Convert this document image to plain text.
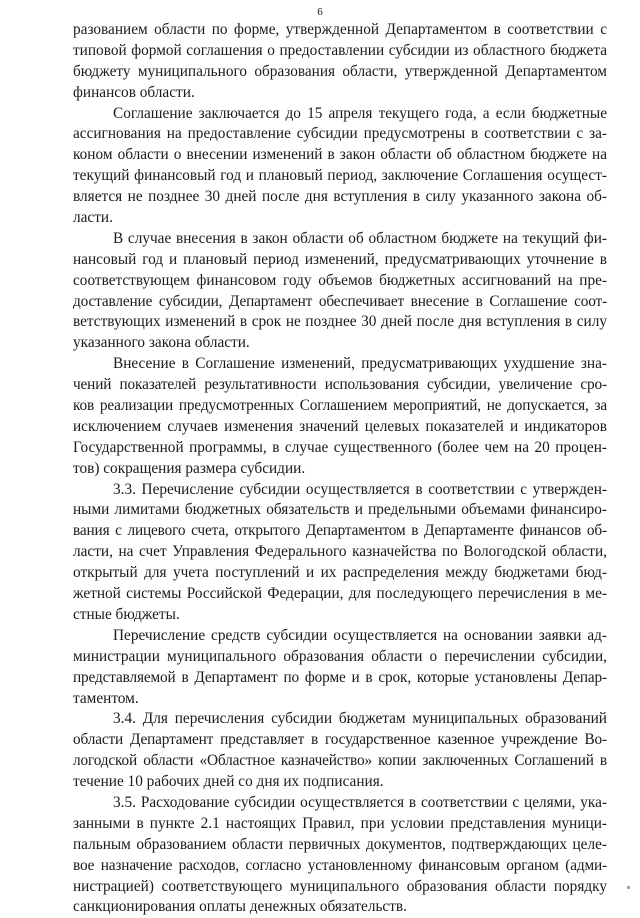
6
разованием области по форме, утвержденной Департаментом в соответствии с
типовой формой соглашения о предоставлении субсидии из областного бюджета
бюджету муниципального образования области, утвержденной Департаментом
финансов области.
Соглашение заключается до 15 апреля текущего года, а если бюджетные
ассигнования на предоставление субсидии предусмотрены в соответствии с за-
коном области о внесении изменений в закон области об областном бюджете на
текущий финансовый год и плановый период, заключение Соглашения осущест-
вляется не позднее 30 дней после дня вступления в силу указанного закона об-
ласти.
В случае внесения в закон области об областном бюджете на текущий фи-
нансовый год и плановый период изменений, предусматривающих уточнение в
соответствующем финансовом году объемов бюджетных ассигнований на пре-
доставление субсидии, Департамент обеспечивает внесение в Соглашение соот-
ветствующих изменений в срок не позднее 30 дней после дня вступления в силу
указанного закона области.
Внесение в Соглашение изменений, предусматривающих ухудшение зна-
чений показателей результативности использования субсидии, увеличение сро-
ков реализации предусмотренных Соглашением мероприятий, не допускается, за
исключением случаев изменения значений целевых показателей и индикаторов
Государственной программы, в случае существенного (более чем на 20 процен-
тов) сокращения размера субсидии.
3.3. Перечисление субсидии осуществляется в соответствии с утвержден-
ными лимитами бюджетных обязательств и предельными объемами финансиро-
вания с лицевого счета, открытого Департаментом в Департаменте финансов об-
ласти, на счет Управления Федерального казначейства по Вологодской области,
открытый для учета поступлений и их распределения между бюджетами бюд-
жетной системы Российской Федерации, для последующего перечисления в ме-
стные бюджеты.
Перечисление средств субсидии осуществляется на основании заявки ад-
министрации муниципального образования области о перечислении субсидии,
представляемой в Департамент по форме и в срок, которые установлены Депар-
таментом.
3.4. Для перечисления субсидии бюджетам муниципальных образований
области Департамент представляет в государственное казенное учреждение Во-
логодской области «Областное казначейство» копии заключенных Соглашений в
течение 10 рабочих дней со дня их подписания.
3.5. Расходование субсидии осуществляется в соответствии с целями, ука-
занными в пункте 2.1 настоящих Правил, при условии представления муници-
пальным образованием области первичных документов, подтверждающих целе-
вое назначение расходов, согласно установленному финансовым органом (адми-
нистрацией) соответствующего муниципального образования области порядку
санкционирования оплаты денежных обязательств.
